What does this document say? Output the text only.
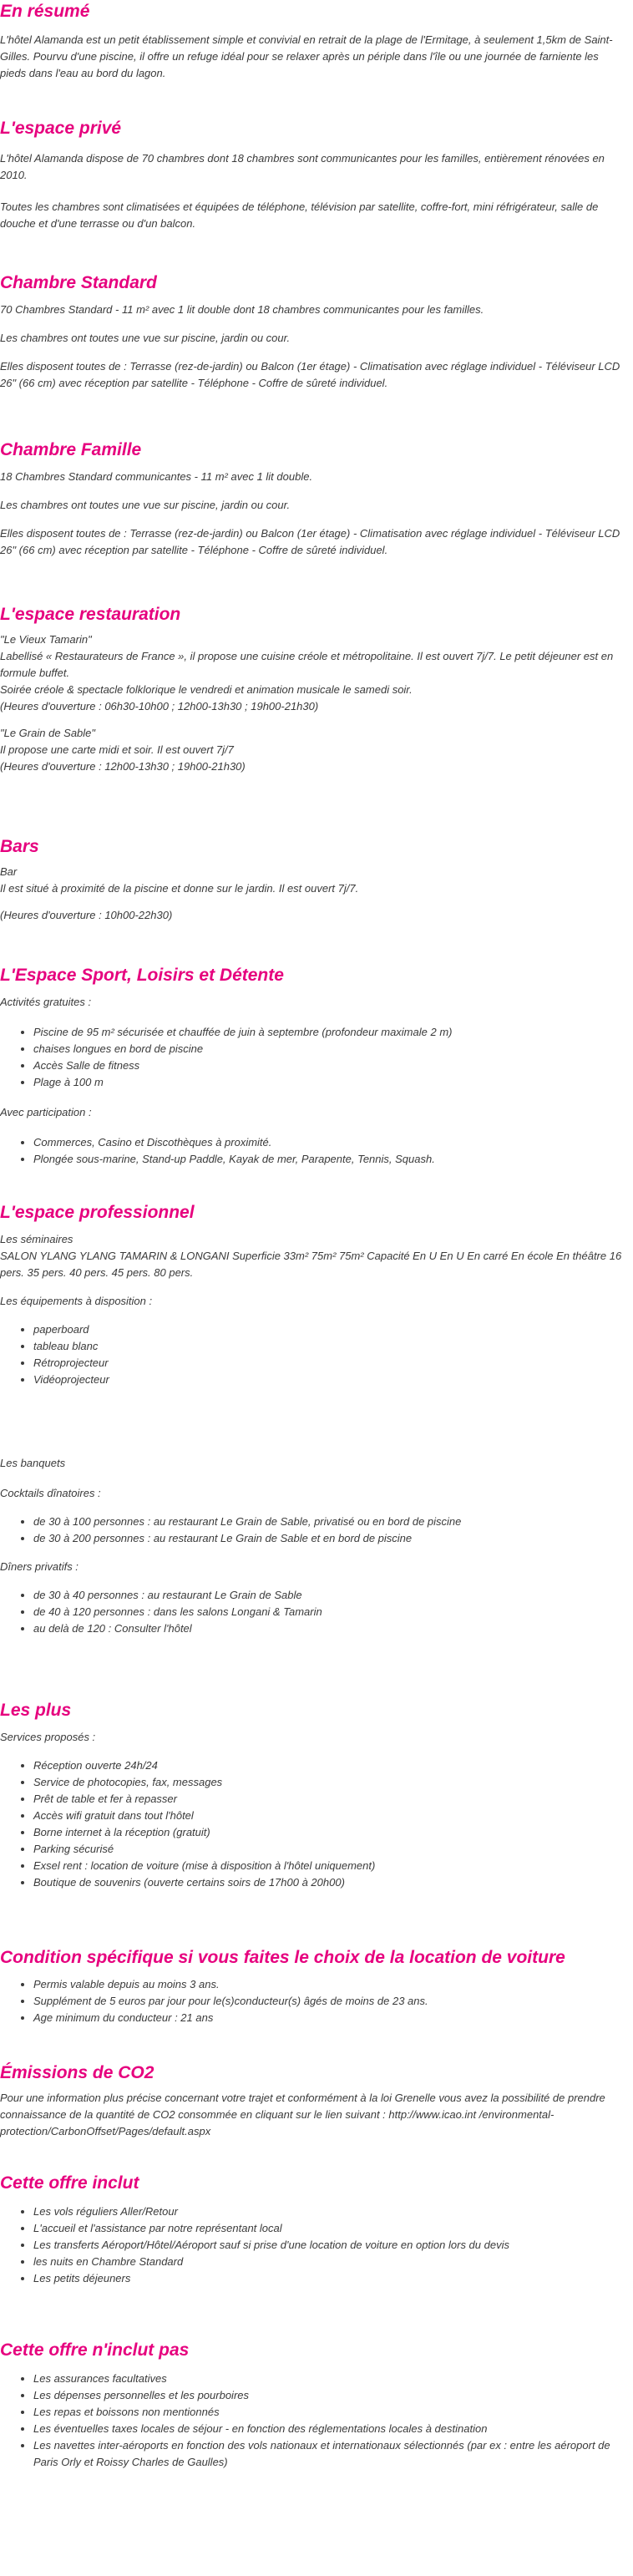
En résumé

L'hôtel Alamanda est un petit établissement simple et convivial en retrait de la plage de l'Ermitage, à seulement 1,5km de Saint-Gilles. Pourvu d'une piscine, il offre un refuge idéal pour se relaxer après un périple dans l'île ou une journée de farniente les pieds dans l'eau au bord du lagon.

L'espace privé

L'hôtel Alamanda dispose de 70 chambres dont 18 chambres sont communicantes pour les familles, entièrement rénovées en 2010.

Toutes les chambres sont climatisées et équipées de téléphone, télévision par satellite, coffre-fort, mini réfrigérateur, salle de douche et d'une terrasse ou d'un balcon.

Chambre Standard

70 Chambres Standard - 11 m² avec 1 lit double dont 18 chambres communicantes pour les familles.

Les chambres ont toutes une vue sur piscine, jardin ou cour.

Elles disposent toutes de : Terrasse (rez-de-jardin) ou Balcon (1er étage) - Climatisation avec réglage individuel - Téléviseur LCD 26" (66 cm) avec réception par satellite - Téléphone - Coffre de sûreté individuel.

Chambre Famille

18 Chambres Standard communicantes - 11 m² avec 1 lit double.

Les chambres ont toutes une vue sur piscine, jardin ou cour.

Elles disposent toutes de : Terrasse (rez-de-jardin) ou Balcon (1er étage) - Climatisation avec réglage individuel - Téléviseur LCD 26" (66 cm) avec réception par satellite - Téléphone - Coffre de sûreté individuel.

L'espace restauration

"Le Vieux Tamarin"

Labellisé « Restaurateurs de France », il propose une cuisine créole et métropolitaine. Il est ouvert 7j/7. Le petit déjeuner est en formule buffet.

Soirée créole & spectacle folklorique le vendredi et animation musicale le samedi soir.

(Heures d'ouverture : 06h30-10h00 ; 12h00-13h30 ; 19h00-21h30)

"Le Grain de Sable"

Il propose une carte midi et soir. Il est ouvert 7j/7

(Heures d'ouverture : 12h00-13h30 ; 19h00-21h30)

Bars

Bar

Il est situé à proximité de la piscine et donne sur le jardin. Il est ouvert 7j/7.

(Heures d'ouverture : 10h00-22h30)

L'Espace Sport, Loisirs et Détente

Activités gratuites :

• Piscine de 95 m² sécurisée et chauffée de juin à septembre (profondeur maximale 2 m)
• chaises longues en bord de piscine
• Accès Salle de fitness
• Plage à 100 m

Avec participation :

• Commerces, Casino et Discothèques à proximité.
• Plongée sous-marine, Stand-up Paddle, Kayak de mer, Parapente, Tennis, Squash.
L'espace professionnel

Les séminaires

SALON YLANG YLANG TAMARIN & LONGANI Superficie 33m² 75m² 75m² Capacité En U En U En carré En école En théâtre 16 pers. 35 pers. 40 pers. 45 pers. 80 pers.

Les équipements à disposition :

• paperboard
• tableau blanc
• Rétroprojecteur
• Vidéoprojecteur

Les banquets

Cocktails dînatoires :

• de 30 à 100 personnes : au restaurant Le Grain de Sable, privatisé ou en bord de piscine
• de 30 à 200 personnes : au restaurant Le Grain de Sable et en bord de piscine

Dîners privatifs :

• de 30 à 40 personnes : au restaurant Le Grain de Sable
• de 40 à 120 personnes : dans les salons Longani & Tamarin
• au delà de 120 : Consulter l'hôtel
Les plus

Services proposés :

• Réception ouverte 24h/24
• Service de photocopies, fax, messages
• Prêt de table et fer à repasser
• Accès wifi gratuit dans tout l'hôtel
• Borne internet à la réception (gratuit)
• Parking sécurisé
• Exsel rent : location de voiture (mise à disposition à l'hôtel uniquement)
• Boutique de souvenirs (ouverte certains soirs de 17h00 à 20h00)
Condition spécifique si vous faites le choix de la location de voiture
• Permis valable depuis au moins 3 ans.
• Supplément de 5 euros par jour pour le(s)conducteur(s) âgés de moins de 23 ans.
• Age minimum du conducteur : 21 ans
Émissions de CO2

Pour une information plus précise concernant votre trajet et conformément à la loi Grenelle vous avez la possibilité de prendre connaissance de la quantité de CO2 consommée en cliquant sur le lien suivant : http://www.icao.int /environmental-protection/CarbonOffset/Pages/default.aspx

Cette offre inclut
• Les vols réguliers Aller/Retour
• L'accueil et l'assistance par notre représentant local
• Les transferts Aéroport/Hôtel/Aéroport sauf si prise d'une location de voiture en option lors du devis
• les nuits en Chambre Standard
• Les petits déjeuners
Cette offre n'inclut pas
• Les assurances facultatives
• Les dépenses personnelles et les pourboires
• Les repas et boissons non mentionnés
• Les éventuelles taxes locales de séjour - en fonction des réglementations locales à destination
• Les navettes inter-aéroports en fonction des vols nationaux et internationaux sélectionnés (par ex : entre les aéroport de Paris Orly et Roissy Charles de Gaulles)
